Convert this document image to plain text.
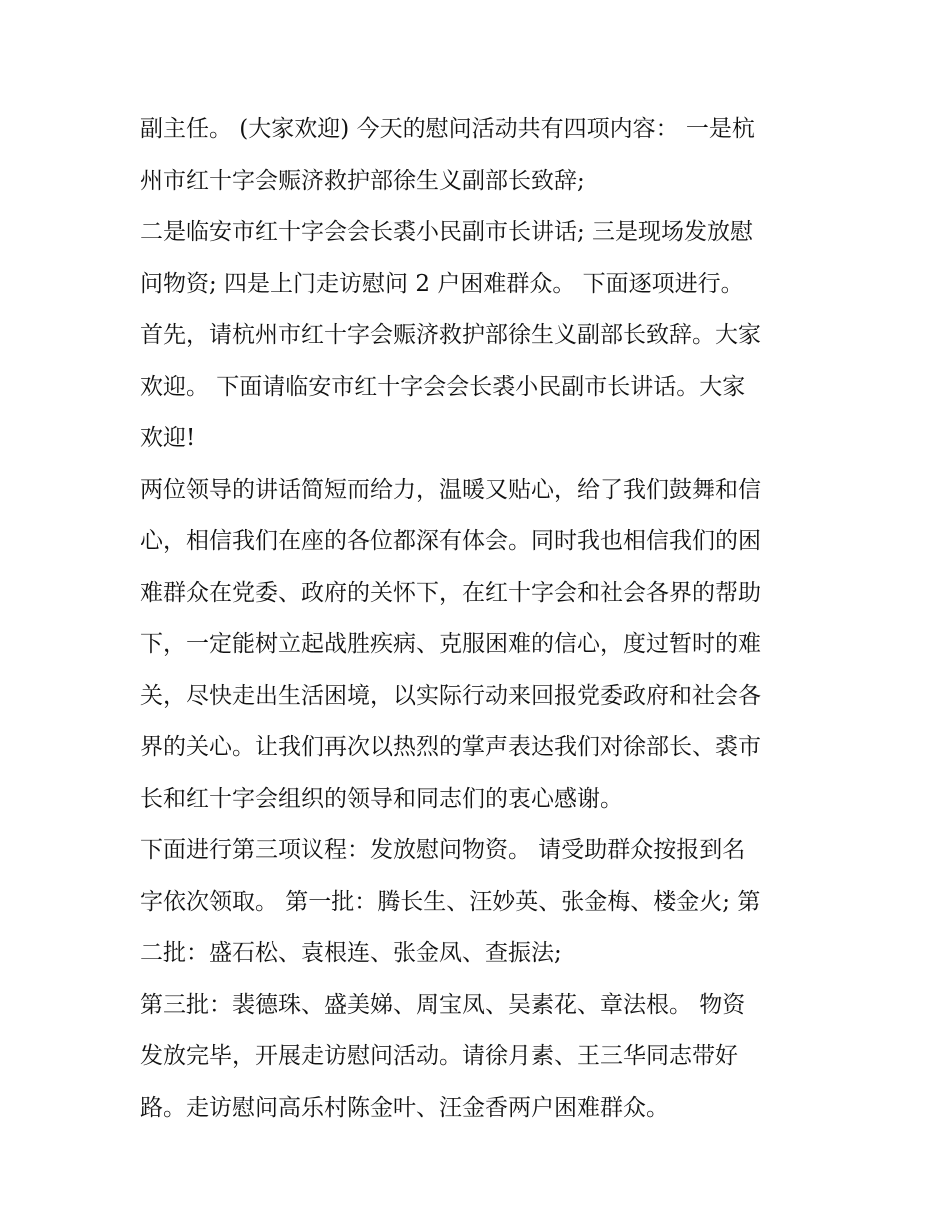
副主任。 (大家欢迎) 今天的慰问活动共有四项内容： 一是杭
州市红十字会赈济救护部徐生义副部长致辞;
二是临安市红十字会会长裘小民副市长讲话; 三是现场发放慰
问物资; 四是上门走访慰问 2 户困难群众。 下面逐项进行。
首先，请杭州市红十字会赈济救护部徐生义副部长致辞。大家
欢迎。 下面请临安市红十字会会长裘小民副市长讲话。大家
欢迎!
两位领导的讲话简短而给力，温暖又贴心，给了我们鼓舞和信
心，相信我们在座的各位都深有体会。同时我也相信我们的困
难群众在党委、政府的关怀下，在红十字会和社会各界的帮助
下，一定能树立起战胜疾病、克服困难的信心，度过暂时的难
关，尽快走出生活困境，以实际行动来回报党委政府和社会各
界的关心。让我们再次以热烈的掌声表达我们对徐部长、裘市
长和红十字会组织的领导和同志们的衷心感谢。
下面进行第三项议程：发放慰问物资。 请受助群众按报到名
字依次领取。 第一批：腾长生、汪妙英、张金梅、楼金火; 第
二批：盛石松、袁根连、张金凤、查振法;
第三批：裴德珠、盛美娣、周宝凤、吴素花、章法根。 物资
发放完毕，开展走访慰问活动。请徐月素、王三华同志带好
路。走访慰问高乐村陈金叶、汪金香两户困难群众。
